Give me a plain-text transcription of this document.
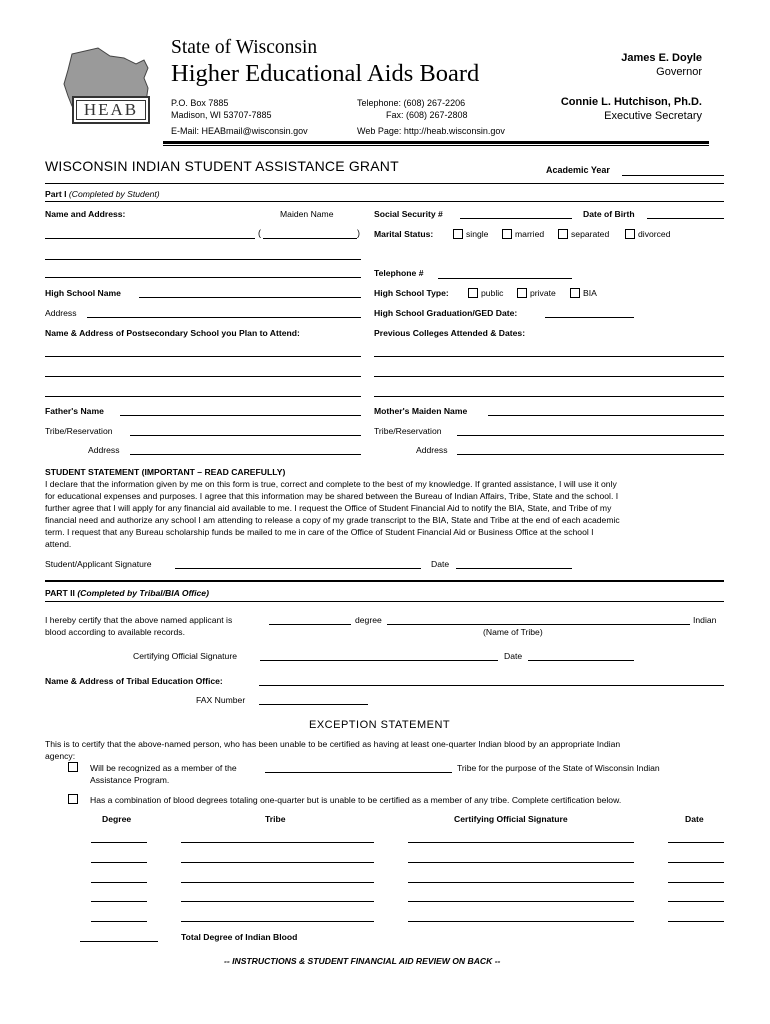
HEAB
State of Wisconsin
Higher Educational Aids Board
P.O. Box 7885
Madison, WI 53707-7885
E-Mail: HEABmail@wisconsin.gov
Telephone: (608) 267-2206
Fax: (608) 267-2808
Web Page: http://heab.wisconsin.gov
James E. Doyle
Governor
Connie L. Hutchison, Ph.D.
Executive Secretary
WISCONSIN INDIAN STUDENT ASSISTANCE GRANT	Academic Year
Part I (Completed by Student)
Name and Address:	Maiden Name	Social Security #	Date of Birth
(	) Marital Status:	single	married	separated	divorced
Telephone #
High School Name	High School Type:	public	private	BIA
Address	High School Graduation/GED Date:
Name & Address of Postsecondary School you Plan to Attend:	Previous Colleges Attended & Dates:
Father's Name	Mother's Maiden Name
Tribe/Reservation	Tribe/Reservation
Address	Address
STUDENT STATEMENT (IMPORTANT – READ CAREFULLY)
I declare that the information given by me on this form is true, correct and complete to the best of my knowledge. If granted assistance, I will use it only
for educational expenses and purposes. I agree that this information may be shared between the Bureau of Indian Affairs, Tribe, State and the school. I
further agree that I will apply for any financial aid available to me. I request the Office of Student Financial Aid to notify the BIA, State, and Tribe of my
financial need and authorize any school I am attending to release a copy of my grade transcript to the BIA, State and Tribe at the end of each academic
term. I request that any Bureau scholarship funds be mailed to me in care of the Office of Student Financial Aid or Business Office at the school I
attend.
Student/Applicant Signature	Date
PART II (Completed by Tribal/BIA Office)
I hereby certify that the above named applicant is	degree	Indian
blood according to available records.	(Name of Tribe)
Certifying Official Signature	Date
Name & Address of Tribal Education Office:
FAX Number
EXCEPTION STATEMENT
This is to certify that the above-named person, who has been unable to be certified as having at least one-quarter Indian blood by an appropriate Indian
agency:
Will be recognized as a member of the	Tribe for the purpose of the State of Wisconsin Indian
Assistance Program.
Has a combination of blood degrees totaling one-quarter but is unable to be certified as a member of any tribe. Complete certification below.
Degree	Tribe	Certifying Official Signature	Date
Total Degree of Indian Blood
-- INSTRUCTIONS & STUDENT FINANCIAL AID REVIEW ON BACK --
